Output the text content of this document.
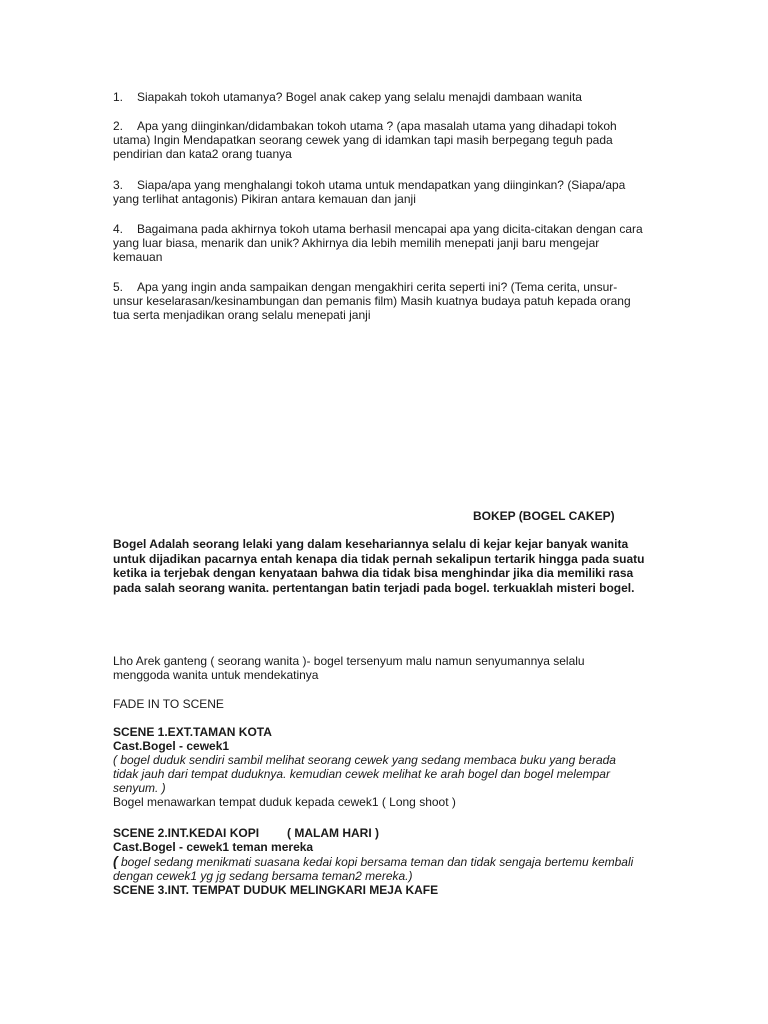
1. Siapakah tokoh utamanya? Bogel anak cakep yang selalu menajdi dambaan wanita

2. Apa yang diinginkan/didambakan tokoh utama ? (apa masalah utama yang dihadapi tokoh utama) Ingin Mendapatkan seorang cewek yang di idamkan tapi masih berpegang teguh pada pendirian dan kata2 orang tuanya

3. Siapa/apa yang menghalangi tokoh utama untuk mendapatkan yang diinginkan? (Siapa/apa yang terlihat antagonis) Pikiran antara kemauan dan janji

4. Bagaimana pada akhirnya tokoh utama berhasil mencapai apa yang dicita-citakan dengan cara yang luar biasa, menarik dan unik? Akhirnya dia lebih memilih menepati janji baru mengejar kemauan

5. Apa yang ingin anda sampaikan dengan mengakhiri cerita seperti ini? (Tema cerita, unsur-unsur keselarasan/kesinambungan dan pemanis film) Masih kuatnya budaya patuh kepada orang tua serta menjadikan orang selalu menepati janji

BOKEP (BOGEL CAKEP)

Bogel Adalah seorang lelaki yang dalam kesehariannya selalu di kejar kejar banyak wanita untuk dijadikan pacarnya entah kenapa dia tidak pernah sekalipun tertarik hingga pada suatu ketika ia terjebak dengan kenyataan bahwa dia tidak bisa menghindar jika dia memiliki rasa pada salah seorang wanita. pertentangan batin terjadi pada bogel. terkuaklah misteri bogel.

Lho Arek ganteng ( seorang wanita )- bogel tersenyum malu namun senyumannya selalu menggoda wanita untuk mendekatinya

FADE IN TO SCENE

SCENE 1.EXT.TAMAN KOTA
Cast.Bogel - cewek1
( bogel duduk sendiri sambil melihat seorang cewek yang sedang membaca buku yang berada tidak jauh dari tempat duduknya. kemudian cewek melihat ke arah bogel dan bogel melempar senyum. )
Bogel menawarkan tempat duduk kepada cewek1 ( Long shoot )
SCENE 2.INT.KEDAI KOPI ( MALAM HARI )
Cast.Bogel - cewek1 teman mereka
( bogel sedang menikmati suasana kedai kopi bersama teman dan tidak sengaja bertemu kembali dengan cewek1 yg jg sedang bersama teman2 mereka.)
SCENE 3.INT. TEMPAT DUDUK MELINGKARI MEJA KAFE
